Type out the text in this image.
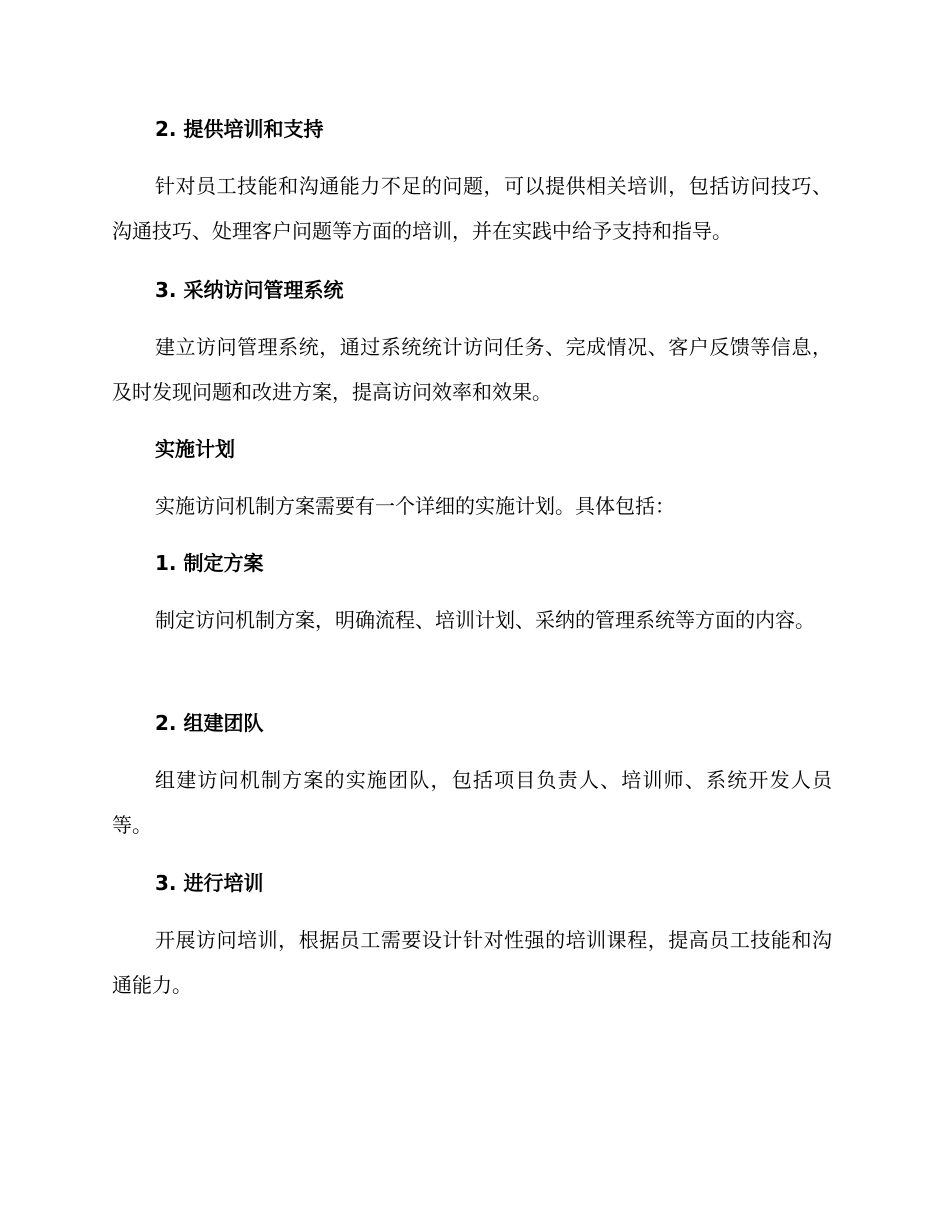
2. 提供培训和支持

针对员工技能和沟通能力不足的问题，可以提供相关培训，包括访问技巧、沟通技巧、处理客户问题等方面的培训，并在实践中给予支持和指导。

3. 采纳访问管理系统

建立访问管理系统，通过系统统计访问任务、完成情况、客户反馈等信息，及时发现问题和改进方案，提高访问效率和效果。

实施计划

实施访问机制方案需要有一个详细的实施计划。具体包括：

1. 制定方案

制定访问机制方案，明确流程、培训计划、采纳的管理系统等方面的内容。

2. 组建团队

组建访问机制方案的实施团队，包括项目负责人、培训师、系统开发人员等。

3. 进行培训

开展访问培训，根据员工需要设计针对性强的培训课程，提高员工技能和沟通能力。
